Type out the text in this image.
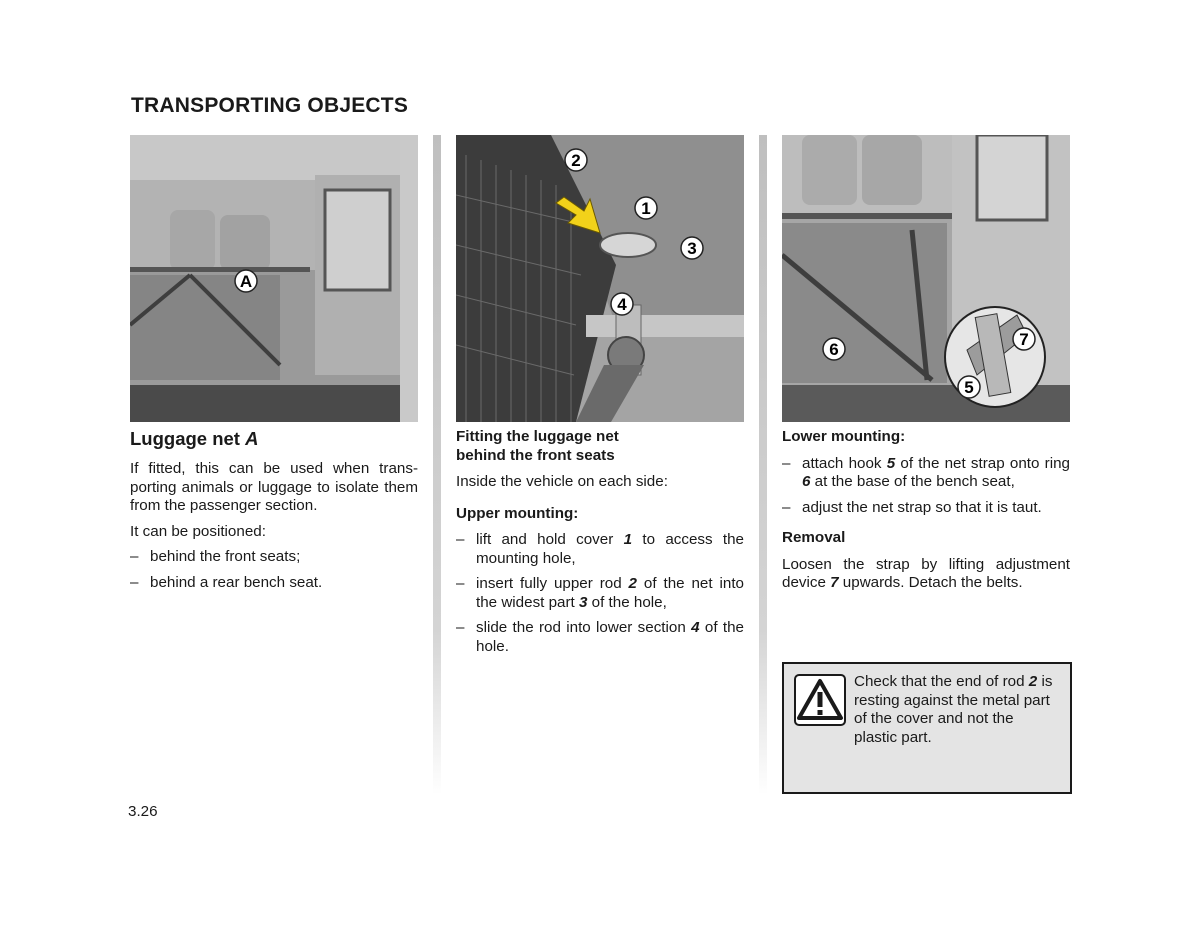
TRANSPORTING OBJECTS
A
Luggage net A

If fitted, this can be used when trans-porting animals or luggage to isolate them from the passenger section.

It can be positioned:

– behind the front seats;
– behind a rear bench seat.
2
1
3
4
Fitting the luggage net
behind the front seats

Inside the vehicle on each side:

Upper mounting:
– lift and hold cover 1 to access the mounting hole,
– insert fully upper rod 2 of the net into the widest part 3 of the hole,
– slide the rod into lower section 4 of the hole.
6
7
5
Lower mounting:
– attach hook 5 of the net strap onto ring 6 at the base of the bench seat,
– adjust the net strap so that it is taut.
Removal

Loosen the strap by lifting adjustment device 7 upwards. Detach the belts.

Check that the end of rod 2 is resting against the metal part of the cover and not the plastic part.
3.26
